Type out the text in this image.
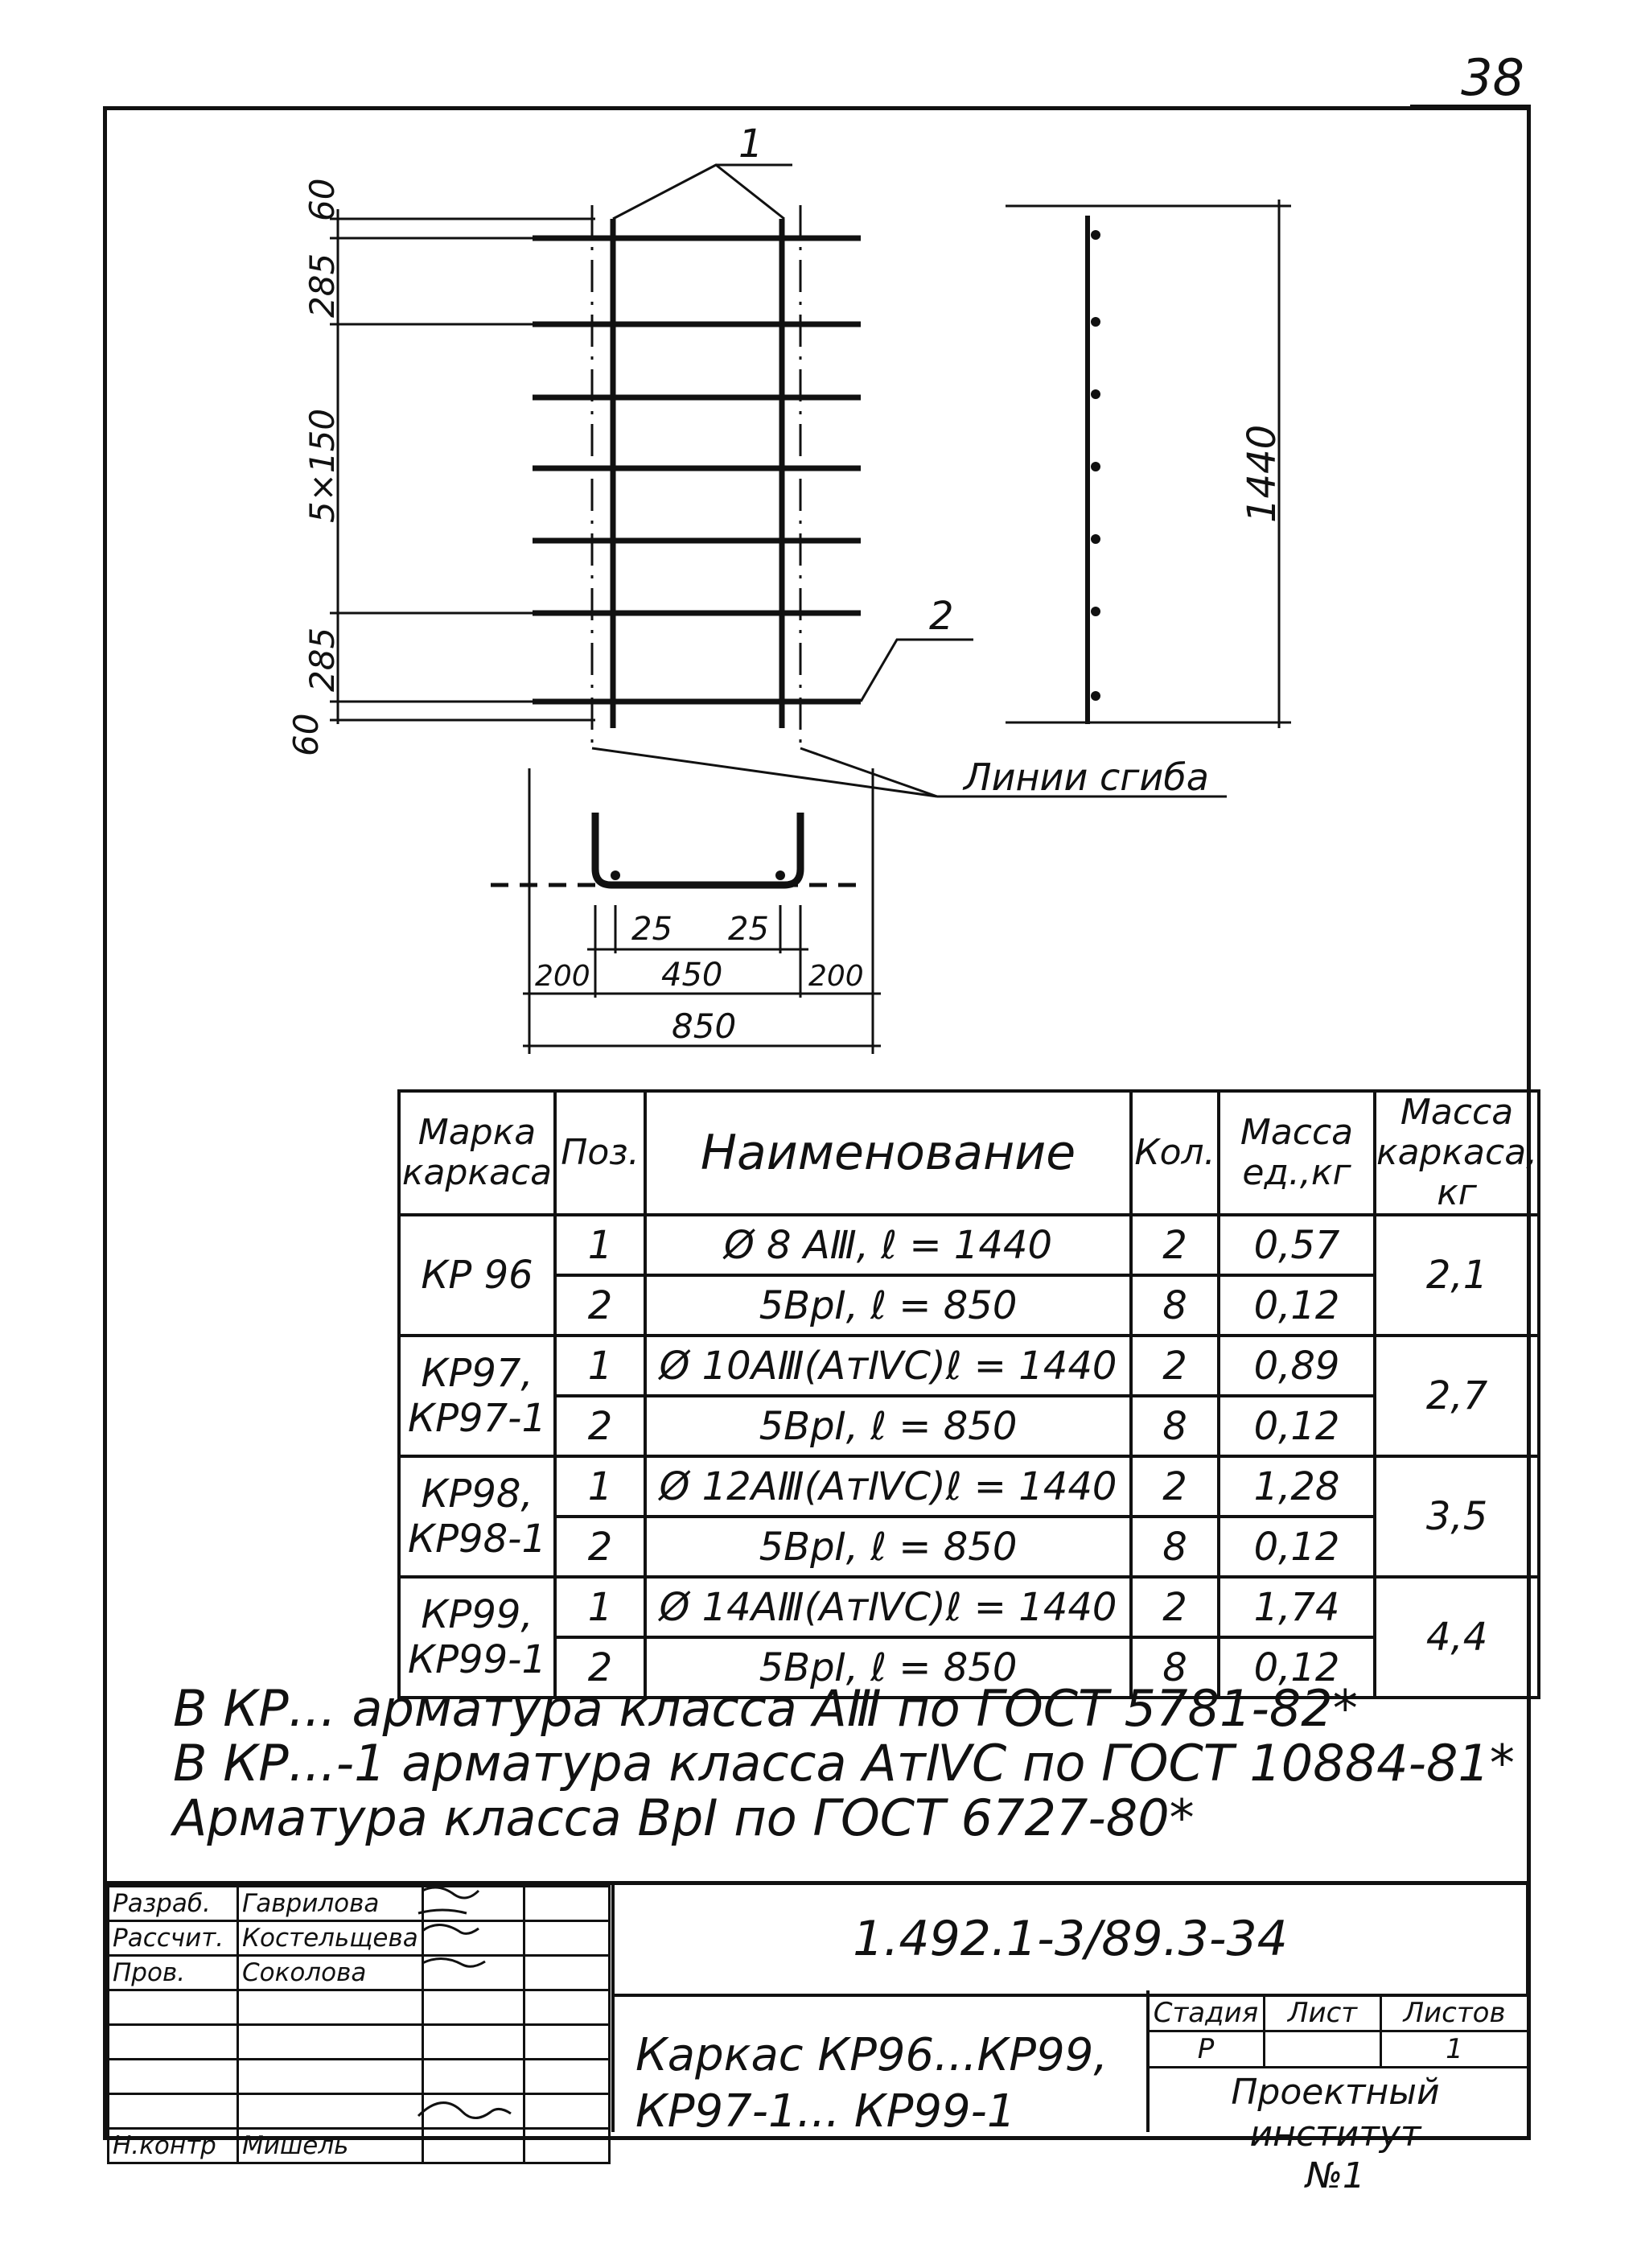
38
1
2
60
285
5×150
285
60
1440
Линии сгиба
25 25
450
200	200
850
Марка каркаса	Поз.	Наименование	Кол.	Масса ед.,кг	Масса каркаса, кг
КР 96	1	Ø 8 AⅢ, ℓ = 1440	2	0,57	2,1
	2	5ВрⅠ, ℓ = 850	8	0,12	
КР97, КР97-1	1	Ø 10AⅢ(AтⅣC)ℓ = 1440	2	0,89	2,7
	2	5ВрⅠ, ℓ = 850	8	0,12	
КР98, КР98-1	1	Ø 12AⅢ(AтⅣC)ℓ = 1440	2	1,28	3,5
	2	5ВрⅠ, ℓ = 850	8	0,12	
КР99, КР99-1	1	Ø 14AⅢ(AтⅣC)ℓ = 1440	2	1,74	4,4
	2	5ВрⅠ, ℓ = 850	8	0,12	
В КР... арматура класса AⅢ по ГОСТ 5781-82*
В КР...-1 арматура класса AтⅣC по ГОСТ 10884-81*
Арматура класса ВрⅠ по ГОСТ 6727-80*
Разраб.	Гаврилова		
Рассчит.	Костельщева		
Пров.	Соколова		

Н.контр	Мишель		
1.492.1-3/89.3-34
Каркас КР96...КР99,
КР97-1... КР99-1
Стадия	Лист	Листов
Р		1
Проектный институт
№1
